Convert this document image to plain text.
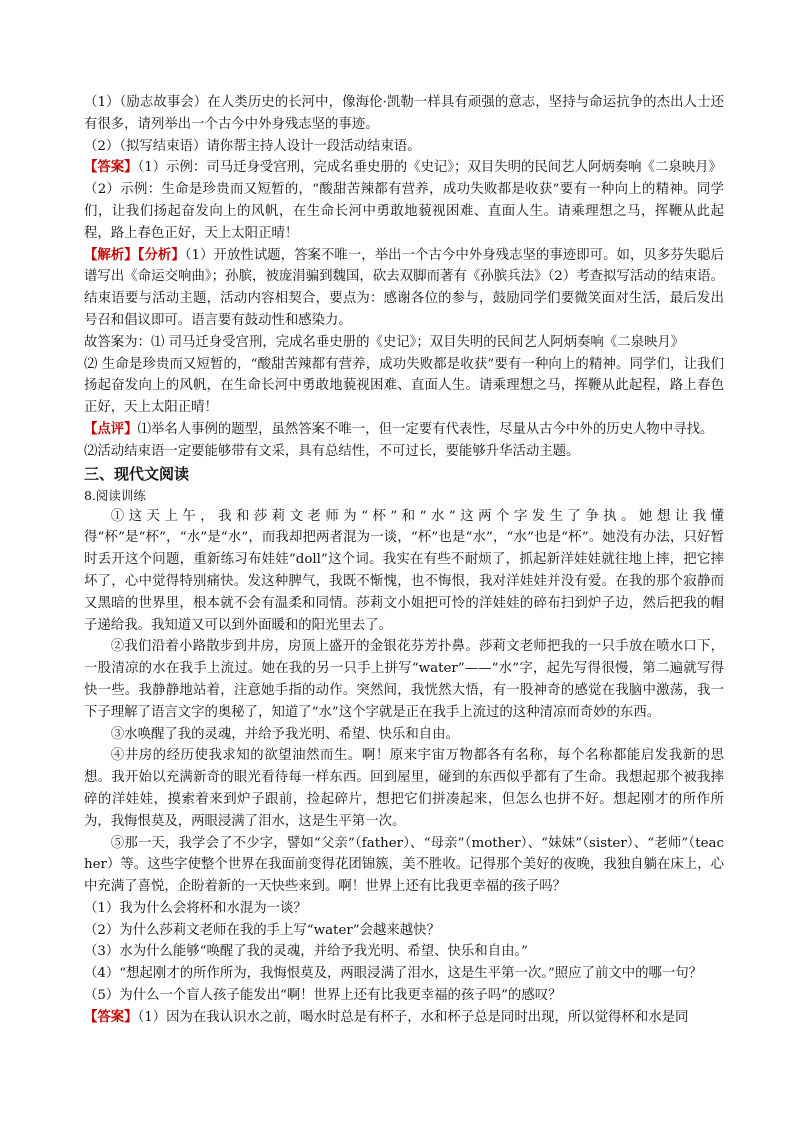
（1）（励志故事会）在人类历史的长河中，像海伦·凯勒一样具有顽强的意志，坚持与命运抗争的杰出人士还有很多，请列举出一个古今中外身残志坚的事迹。

（2）（拟写结束语）请你帮主持人设计一段活动结束语。

【答案】（1）示例：司马迁身受宫刑，完成名垂史册的《史记》；双目失明的民间艺人阿炳奏响《二泉映月》

（2）示例：生命是珍贵而又短暂的，“酸甜苦辣都有营养，成功失败都是收获”要有一种向上的精神。同学们，让我们扬起奋发向上的风帆，在生命长河中勇敢地藐视困难、直面人生。请乘理想之马，挥鞭从此起程，路上春色正好，天上太阳正晴！

【解析】【分析】（1）开放性试题，答案不唯一，举出一个古今中外身残志坚的事迹即可。如，贝多芬失聪后谱写出《命运交响曲》；孙膑，被庞涓骗到魏国，砍去双脚而著有《孙膑兵法》（2）考查拟写活动的结束语。结束语要与活动主题，活动内容相契合，要点为：感谢各位的参与，鼓励同学们要微笑面对生活，最后发出号召和倡议即可。语言要有鼓动性和感染力。

故答案为：⑴ 司马迁身受宫刑，完成名垂史册的《史记》；双目失明的民间艺人阿炳奏响《二泉映月》

⑵ 生命是珍贵而又短暂的，“酸甜苦辣都有营养，成功失败都是收获”要有一种向上的精神。同学们，让我们扬起奋发向上的风帆，在生命长河中勇敢地藐视困难、直面人生。请乘理想之马，挥鞭从此起程，路上春色正好，天上太阳正晴！

【点评】⑴举名人事例的题型，虽然答案不唯一，但一定要有代表性，尽量从古今中外的历史人物中寻找。

⑵活动结束语一定要能够带有文采，具有总结性，不可过长，要能够升华活动主题。

三、现代文阅读

8.阅读训练

①这天上午，我和莎莉文老师为“杯”和“水”这两个字发生了争执。她想让我懂得“杯”是“杯”，“水”是“水”，而我却把两者混为一谈，“杯”也是“水”，“水”也是“杯”。她没有办法，只好暂时丢开这个问题，重新练习布娃娃“doll”这个词。我实在有些不耐烦了，抓起新洋娃娃就往地上摔，把它摔坏了，心中觉得特别痛快。发这种脾气，我既不惭愧，也不悔恨，我对洋娃娃并没有爱。在我的那个寂静而又黑暗的世界里，根本就不会有温柔和同情。莎莉文小姐把可怜的洋娃娃的碎布扫到炉子边，然后把我的帽子递给我。我知道又可以到外面暖和的阳光里去了。

②我们沿着小路散步到井房，房顶上盛开的金银花芬芳扑鼻。莎莉文老师把我的一只手放在喷水口下，一股清凉的水在我手上流过。她在我的另一只手上拼写“water”——“水”字，起先写得很慢，第二遍就写得快一些。我静静地站着，注意她手指的动作。突然间，我恍然大悟，有一股神奇的感觉在我脑中激荡，我一下子理解了语言文字的奥秘了，知道了“水”这个字就是正在我手上流过的这种清凉而奇妙的东西。

③水唤醒了我的灵魂，并给予我光明、希望、快乐和自由。

④井房的经历使我求知的欲望油然而生。啊！原来宇宙万物都各有名称，每个名称都能启发我新的思想。我开始以充满新奇的眼光看待每一样东西。回到屋里，碰到的东西似乎都有了生命。我想起那个被我摔碎的洋娃娃，摸索着来到炉子跟前，捡起碎片，想把它们拼凑起来，但怎么也拼不好。想起刚才的所作所为，我悔恨莫及，两眼浸满了泪水，这是生平第一次。

⑤那一天，我学会了不少字，譬如“父亲”（father）、“母亲”（mother）、“妹妹”（sister）、“老师”（teacher）等。这些字使整个世界在我面前变得花团锦簇，美不胜收。记得那个美好的夜晚，我独自躺在床上，心中充满了喜悦，企盼着新的一天快些来到。啊！世界上还有比我更幸福的孩子吗？

（1）我为什么会将杯和水混为一谈？

（2）为什么莎莉文老师在我的手上写“water”会越来越快？

（3）水为什么能够“唤醒了我的灵魂，并给予我光明、希望、快乐和自由。”

（4）“想起刚才的所作所为，我悔恨莫及，两眼浸满了泪水，这是生平第一次。”照应了前文中的哪一句？

（5）为什么一个盲人孩子能发出“啊！世界上还有比我更幸福的孩子吗”的感叹？

【答案】（1）因为在我认识水之前，喝水时总是有杯子，水和杯子总是同时出现，所以觉得杯和水是同
